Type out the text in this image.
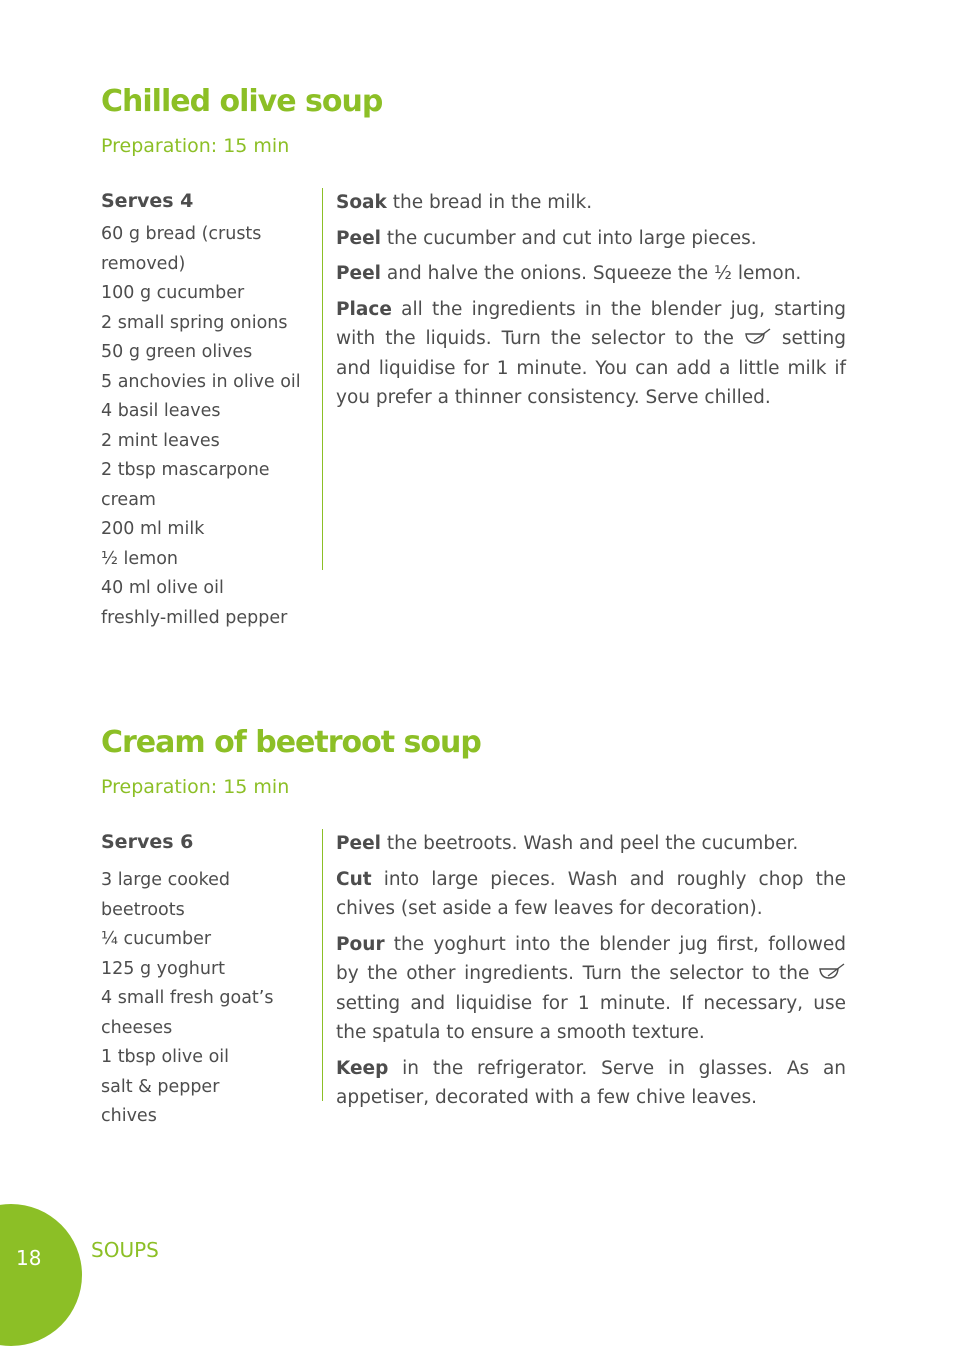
Chilled olive soup
Preparation: 15 min
Serves 4
60 g bread (crusts
removed)
100 g cucumber
2 small spring onions
50 g green olives
5 anchovies in olive oil
4 basil leaves
2 mint leaves
2 tbsp mascarpone cream
200 ml milk
½ lemon
40 ml olive oil
freshly-milled pepper

Soak the bread in the milk.

Peel the cucumber and cut into large pieces.

Peel and halve the onions. Squeeze the ½ lemon.

Place all the ingredients in the blender jug, starting with the liquids. Turn the selector to the  setting and liquidise for 1 minute. You can add a little milk if you prefer a thinner consistency. Serve chilled.

Cream of beetroot soup
Preparation: 15 min
Serves 6
3 large cooked beetroots
¼ cucumber
125 g yoghurt
4 small fresh goat’s
cheeses
1 tbsp olive oil
salt & pepper
chives

Peel the beetroots. Wash and peel the cucumber.

Cut into large pieces. Wash and roughly chop the chives (set aside a few leaves for decoration).

Pour the yoghurt into the blender jug first, followed by the other ingredients. Turn the selector to the  setting and liquidise for 1 minute. If necessary, use the spatula to ensure a smooth texture.

Keep in the refrigerator. Serve in glasses. As an appetiser, decorated with a few chive leaves.

18 SOUPS
